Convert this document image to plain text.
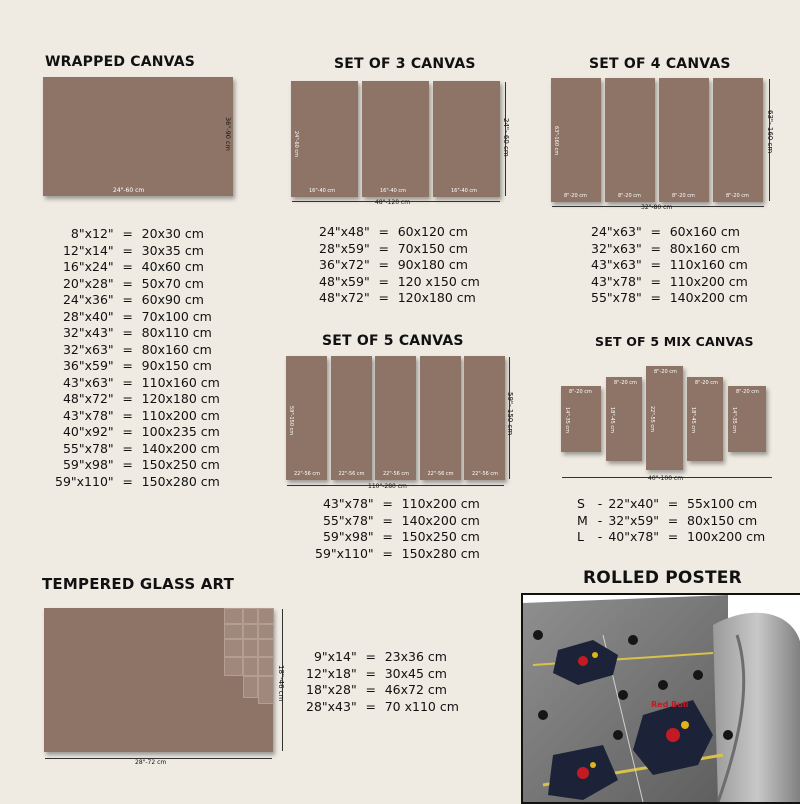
WRAPPED CANVAS
24"-60 cm
36"-90 cm
8"x12"	=	20x30 cm
12"x14"	=	30x35 cm
16"x24"	=	40x60 cm
20"x28"	=	50x70 cm
24"x36"	=	60x90 cm
28"x40"	=	70x100 cm
32"x43"	=	80x110 cm
32"x63"	=	80x160 cm
36"x59"	=	90x150 cm
43"x63"	=	110x160 cm
48"x72"	=	120x180 cm
43"x78"	=	110x200 cm
40"x92"	=	100x235 cm
55"x78"	=	140x200 cm
59"x98"	=	150x250 cm
59"x110"	=	150x280 cm
SET OF 3 CANVAS
16"-40 cm
24"-60 cm
16"-40 cm	16"-40 cm
48"-120 cm
24"- 60 cm
24"x48"	=	60x120 cm
28"x59"	=	70x150 cm
36"x72"	=	90x180 cm
48"x59"	=	120 x150 cm
48"x72"	=	120x180 cm
SET OF 4 CANVAS
8"-20 cm
63"-160 cm
8"-20 cm	8"-20 cm	8"-20 cm
32"-80 cm
63"- 160 cm
24"x63"	=	60x160 cm
32"x63"	=	80x160 cm
43"x63"	=	110x160 cm
43"x78"	=	110x200 cm
55"x78"	=	140x200 cm
SET OF 5 CANVAS
22"-56 cm
59"-150 cm
22"-56 cm	22"-56 cm	22"-56 cm	22"-56 cm
110"-280 cm
59"- 150 cm
43"x78"	=	110x200 cm
55"x78"	=	140x200 cm
59"x98"	=	150x250 cm
59"x110"	=	150x280 cm
SET OF 5 MIX CANVAS
8"-20 cm
14"-35 cm
8"-20 cm
18"-45 cm
8"-20 cm
22"-55 cm
8"-20 cm
18"-45 cm
8"-20 cm
14"-35 cm
40"-100 cm
S	-	22"x40"	=	55x100 cm
M	-	32"x59"	=	80x150 cm
L	-	40"x78"	=	100x200 cm
TEMPERED GLASS ART
28"-72 cm
18"-46 cm
9"x14"	=	23x36 cm
12"x18"	=	30x45 cm
18"x28"	=	46x72 cm
28"x43"	=	70 x110 cm
ROLLED POSTER
Red Bull
